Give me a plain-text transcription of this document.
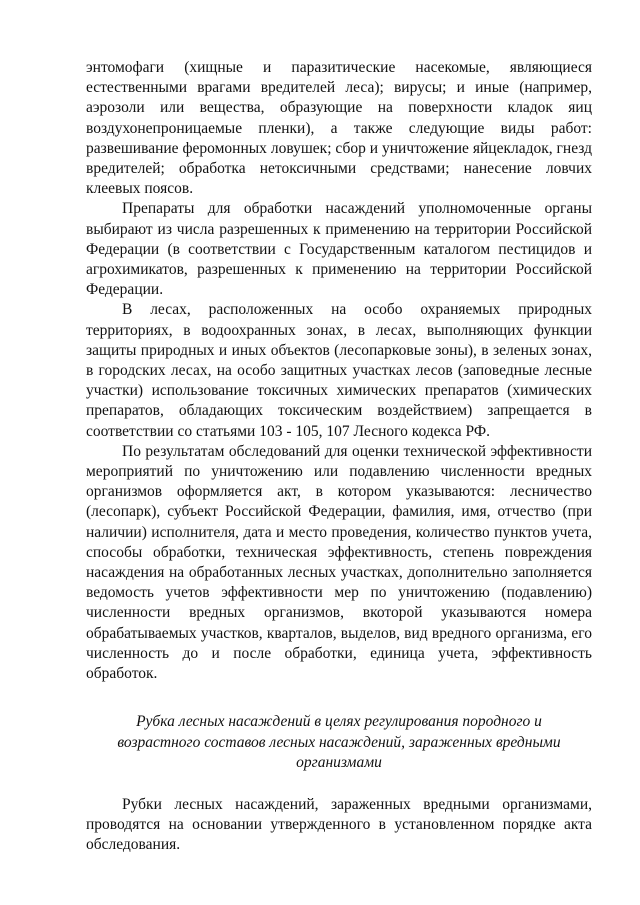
энтомофаги (хищные и паразитические насекомые, являющиеся естественными врагами вредителей леса); вирусы; и иные (например, аэрозоли или вещества, образующие на поверхности кладок яиц воздухонепроницаемые пленки), а также следующие виды работ: развешивание феромонных ловушек; сбор и уничтожение яйцекладок, гнезд вредителей; обработка нетоксичными средствами; нанесение ловчих клеевых поясов.

Препараты для обработки насаждений уполномоченные органы выбирают из числа разрешенных к применению на территории Российской Федерации (в соответствии с Государственным каталогом пестицидов и агрохимикатов, разрешенных к применению на территории Российской Федерации.

В лесах, расположенных на особо охраняемых природных территориях, в водоохранных зонах, в лесах, выполняющих функции защиты природных и иных объектов (лесопарковые зоны), в зеленых зонах, в городских лесах, на особо защитных участках лесов (заповедные лесные участки) использование токсичных химических препаратов (химических препаратов, обладающих токсическим воздействием) запрещается в соответствии со статьями 103 - 105, 107 Лесного кодекса РФ.

По результатам обследований для оценки технической эффективности мероприятий по уничтожению или подавлению численности вредных организмов оформляется акт, в котором указываются: лесничество (лесопарк), субъект Российской Федерации, фамилия, имя, отчество (при наличии) исполнителя, дата и место проведения, количество пунктов учета, способы обработки, техническая эффективность, степень повреждения насаждения на обработанных лесных участках, дополнительно заполняется ведомость учетов эффективности мер по уничтожению (подавлению) численности вредных организмов, вкоторой указываются номера обрабатываемых участков, кварталов, выделов, вид вредного организма, его численность до и после обработки, единица учета, эффективность обработок.

Рубка лесных насаждений в целях регулирования породного и возрастного составов лесных насаждений, зараженных вредными организмами

Рубки лесных насаждений, зараженных вредными организмами, проводятся на основании утвержденного в установленном порядке акта обследования.
